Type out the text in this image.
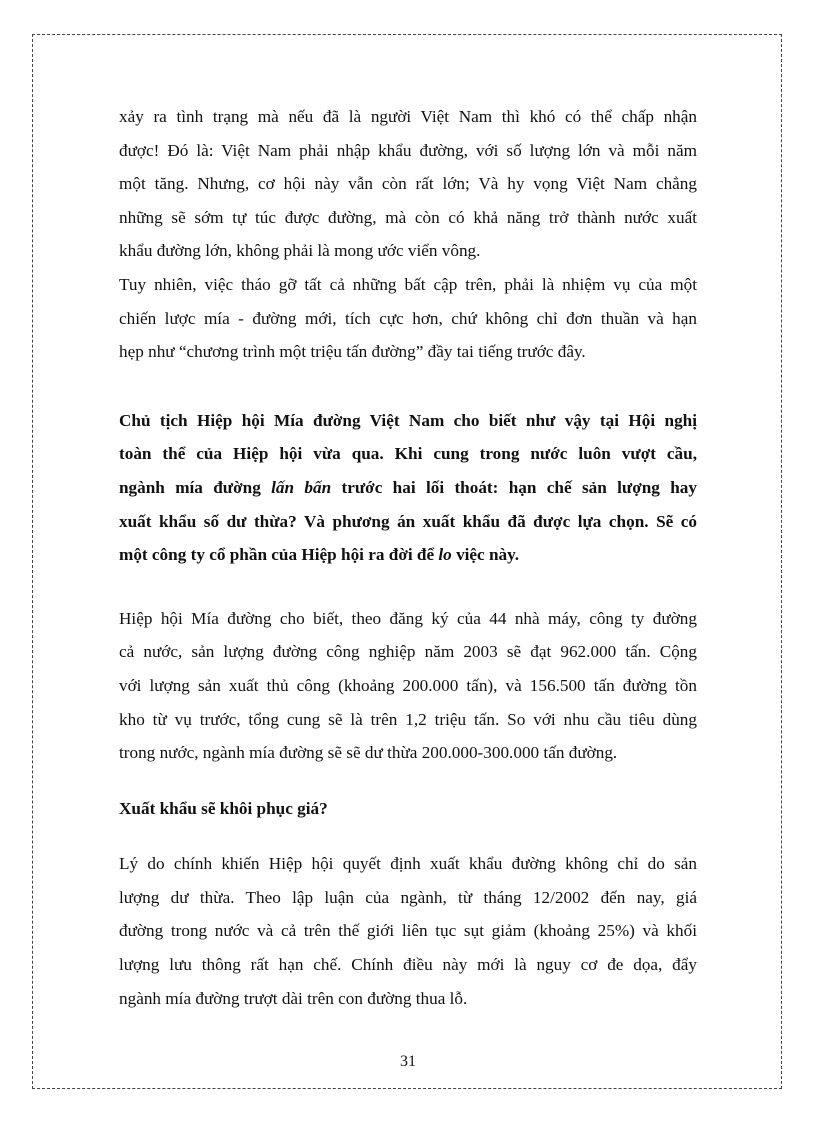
xảy ra tình trạng mà nếu đã là người Việt Nam thì khó có thể chấp nhận
được! Đó là: Việt Nam phải nhập khẩu đường, với số lượng lớn và mỗi năm
một tăng. Nhưng, cơ hội này vẫn còn rất lớn; Và hy vọng Việt Nam chẳng
những sẽ sớm tự túc được đường, mà còn có khả năng trở thành nước xuất
khẩu đường lớn, không phải là mong ước viển vông.
Tuy nhiên, việc tháo gỡ tất cả những bất cập trên, phải là nhiệm vụ của một
chiến lược mía - đường mới, tích cực hơn, chứ không chỉ đơn thuần và hạn
hẹp như “chương trình một triệu tấn đường” đầy tai tiếng trước đây.
Chủ tịch Hiệp hội Mía đường Việt Nam cho biết như vậy tại Hội nghị
toàn thể của Hiệp hội vừa qua. Khi cung trong nước luôn vượt cầu,
ngành mía đường lấn bấn trước hai lối thoát: hạn chế sản lượng hay
xuất khẩu số dư thừa? Và phương án xuất khẩu đã được lựa chọn. Sẽ có
một công ty cổ phần của Hiệp hội ra đời để lo việc này.
Hiệp hội Mía đường cho biết, theo đăng ký của 44 nhà máy, công ty đường
cả nước, sản lượng đường công nghiệp năm 2003 sẽ đạt 962.000 tấn. Cộng
với lượng sản xuất thủ công (khoảng 200.000 tấn), và 156.500 tấn đường tồn
kho từ vụ trước, tổng cung sẽ là trên 1,2 triệu tấn. So với nhu cầu tiêu dùng
trong nước, ngành mía đường sẽ sẽ dư thừa 200.000-300.000 tấn đường.
Xuất khẩu sẽ khôi phục giá?
Lý do chính khiến Hiệp hội quyết định xuất khẩu đường không chỉ do sản
lượng dư thừa. Theo lập luận của ngành, từ tháng 12/2002 đến nay, giá
đường trong nước và cả trên thế giới liên tục sụt giảm (khoảng 25%) và khối
lượng lưu thông rất hạn chế. Chính điều này mới là nguy cơ đe dọa, đẩy
ngành mía đường trượt dài trên con đường thua lỗ.
31
